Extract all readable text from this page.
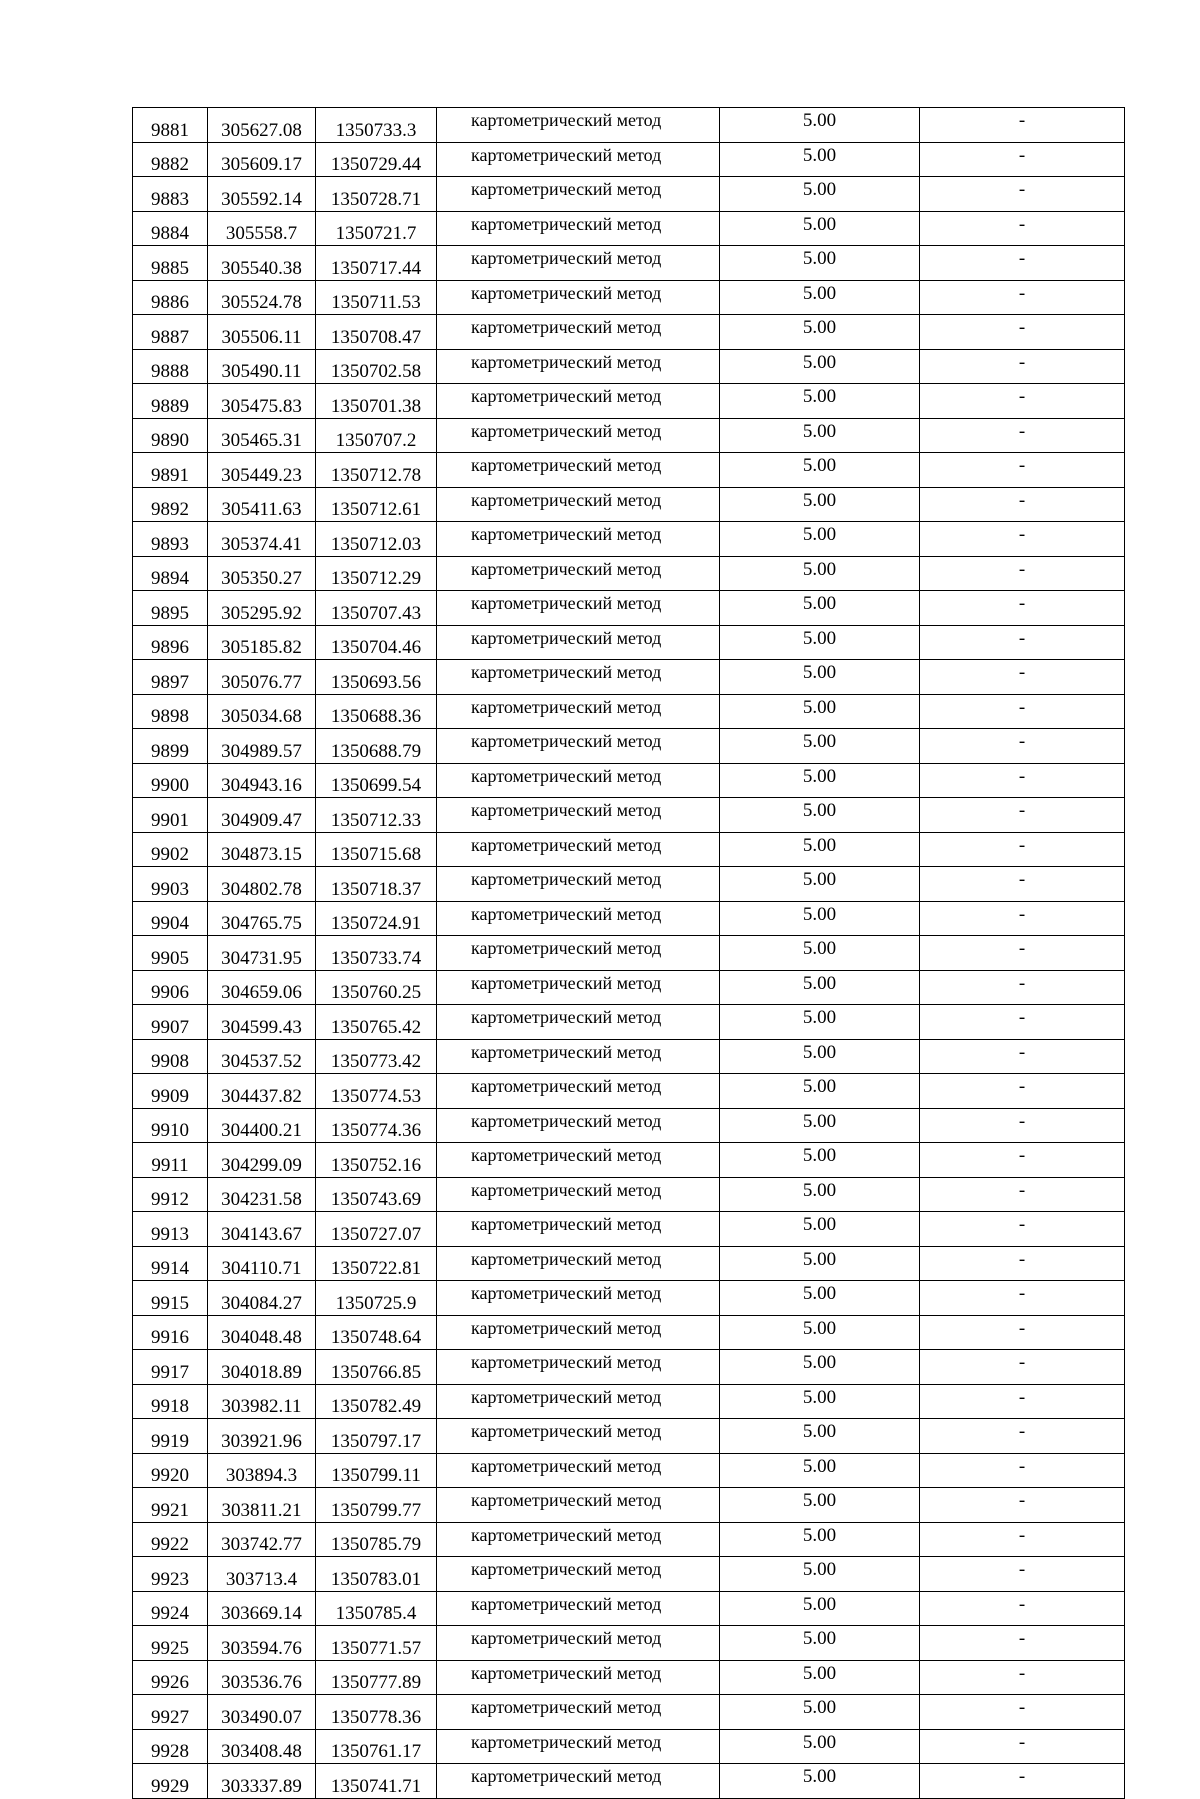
9881	305627.08	1350733.3	картометрический метод	5.00	-
9882	305609.17	1350729.44	картометрический метод	5.00	-
9883	305592.14	1350728.71	картометрический метод	5.00	-
9884	305558.7	1350721.7	картометрический метод	5.00	-
9885	305540.38	1350717.44	картометрический метод	5.00	-
9886	305524.78	1350711.53	картометрический метод	5.00	-
9887	305506.11	1350708.47	картометрический метод	5.00	-
9888	305490.11	1350702.58	картометрический метод	5.00	-
9889	305475.83	1350701.38	картометрический метод	5.00	-
9890	305465.31	1350707.2	картометрический метод	5.00	-
9891	305449.23	1350712.78	картометрический метод	5.00	-
9892	305411.63	1350712.61	картометрический метод	5.00	-
9893	305374.41	1350712.03	картометрический метод	5.00	-
9894	305350.27	1350712.29	картометрический метод	5.00	-
9895	305295.92	1350707.43	картометрический метод	5.00	-
9896	305185.82	1350704.46	картометрический метод	5.00	-
9897	305076.77	1350693.56	картометрический метод	5.00	-
9898	305034.68	1350688.36	картометрический метод	5.00	-
9899	304989.57	1350688.79	картометрический метод	5.00	-
9900	304943.16	1350699.54	картометрический метод	5.00	-
9901	304909.47	1350712.33	картометрический метод	5.00	-
9902	304873.15	1350715.68	картометрический метод	5.00	-
9903	304802.78	1350718.37	картометрический метод	5.00	-
9904	304765.75	1350724.91	картометрический метод	5.00	-
9905	304731.95	1350733.74	картометрический метод	5.00	-
9906	304659.06	1350760.25	картометрический метод	5.00	-
9907	304599.43	1350765.42	картометрический метод	5.00	-
9908	304537.52	1350773.42	картометрический метод	5.00	-
9909	304437.82	1350774.53	картометрический метод	5.00	-
9910	304400.21	1350774.36	картометрический метод	5.00	-
9911	304299.09	1350752.16	картометрический метод	5.00	-
9912	304231.58	1350743.69	картометрический метод	5.00	-
9913	304143.67	1350727.07	картометрический метод	5.00	-
9914	304110.71	1350722.81	картометрический метод	5.00	-
9915	304084.27	1350725.9	картометрический метод	5.00	-
9916	304048.48	1350748.64	картометрический метод	5.00	-
9917	304018.89	1350766.85	картометрический метод	5.00	-
9918	303982.11	1350782.49	картометрический метод	5.00	-
9919	303921.96	1350797.17	картометрический метод	5.00	-
9920	303894.3	1350799.11	картометрический метод	5.00	-
9921	303811.21	1350799.77	картометрический метод	5.00	-
9922	303742.77	1350785.79	картометрический метод	5.00	-
9923	303713.4	1350783.01	картометрический метод	5.00	-
9924	303669.14	1350785.4	картометрический метод	5.00	-
9925	303594.76	1350771.57	картометрический метод	5.00	-
9926	303536.76	1350777.89	картометрический метод	5.00	-
9927	303490.07	1350778.36	картометрический метод	5.00	-
9928	303408.48	1350761.17	картометрический метод	5.00	-
9929	303337.89	1350741.71	картометрический метод	5.00	-
